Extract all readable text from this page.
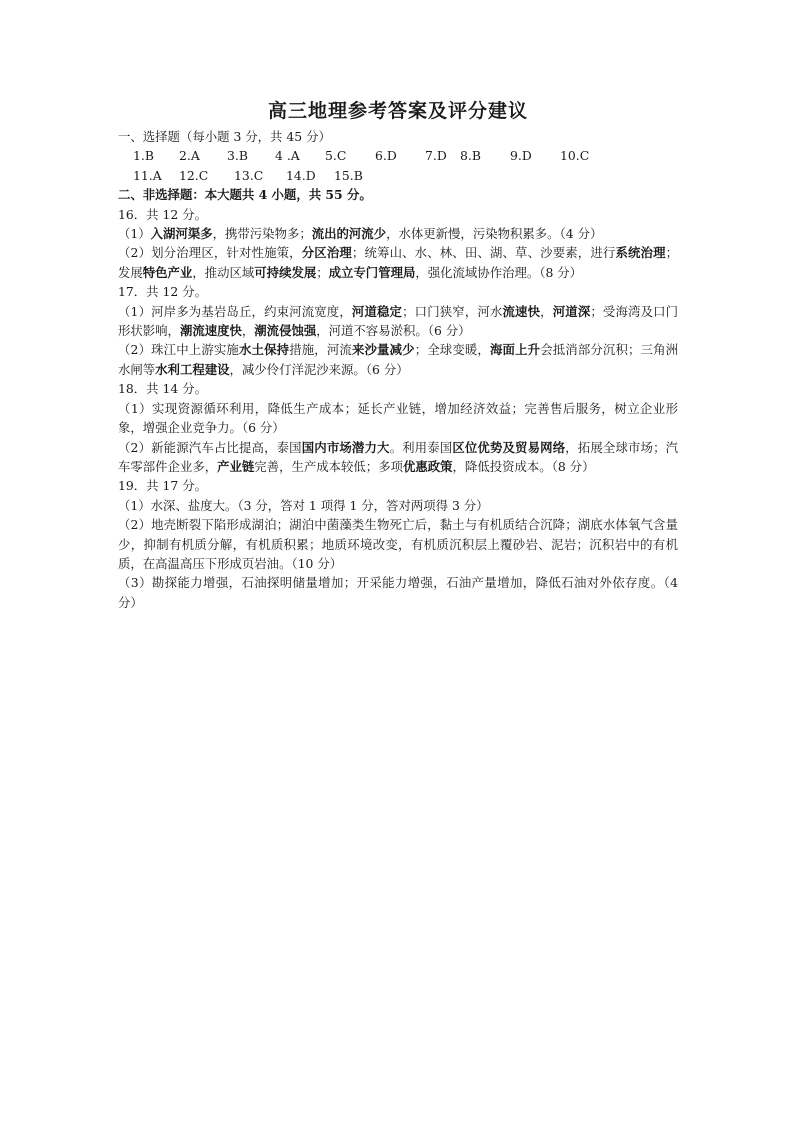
高三地理参考答案及评分建议
一、选择题（每小题 3 分，共 45 分）
1.B	2.A	3.B	4 .A	5.C	6.D	7.D	8.B	9.D	10.C
11.A	12.C	13.C	14.D	15.B
二、非选择题：本大题共 4 小题，共 55 分。
16．共 12 分。
（1）入湖河渠多，携带污染物多；流出的河流少，水体更新慢，污染物积累多。（4 分）
（2）划分治理区，针对性施策，分区治理；统筹山、水、林、田、湖、草、沙要素，进行系统治理；发展特色产业，推动区域可持续发展；成立专门管理局，强化流域协作治理。（8 分）
17．共 12 分。
（1）河岸多为基岩岛丘，约束河流宽度，河道稳定；口门狭窄，河水流速快，河道深；受海湾及口门形状影响，潮流速度快，潮流侵蚀强，河道不容易淤积。（6 分）
（2）珠江中上游实施水土保持措施，河流来沙量减少；全球变暖，海面上升会抵消部分沉积；三角洲水闸等水利工程建设，减少伶仃洋泥沙来源。（6 分）
18．共 14 分。
（1）实现资源循环利用，降低生产成本；延长产业链，增加经济效益；完善售后服务，树立企业形象，增强企业竞争力。（6 分）
（2）新能源汽车占比提高，泰国国内市场潜力大。利用泰国区位优势及贸易网络，拓展全球市场；汽车零部件企业多，产业链完善，生产成本较低；多项优惠政策，降低投资成本。（8 分）
19．共 17 分。
（1）水深、盐度大。（3 分，答对 1 项得 1 分，答对两项得 3 分）
（2）地壳断裂下陷形成湖泊；湖泊中菌藻类生物死亡后，黏土与有机质结合沉降；湖底水体氧气含量少，抑制有机质分解，有机质积累；地质环境改变，有机质沉积层上覆砂岩、泥岩；沉积岩中的有机质，在高温高压下形成页岩油。（10 分）
（3）勘探能力增强，石油探明储量增加；开采能力增强，石油产量增加，降低石油对外依存度。（4 分）
